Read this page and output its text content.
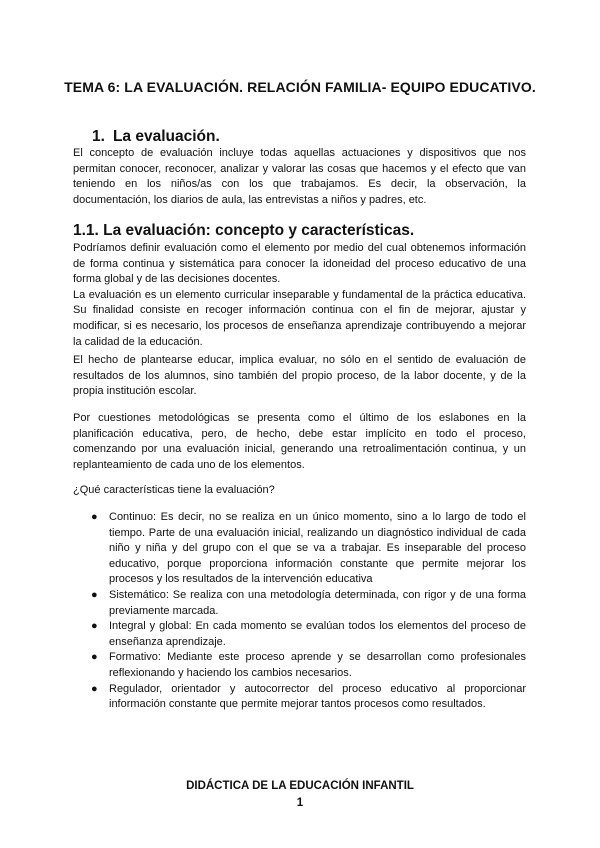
TEMA 6: LA EVALUACIÓN. RELACIÓN FAMILIA- EQUIPO EDUCATIVO.
1. La evaluación.

El concepto de evaluación incluye todas aquellas actuaciones y dispositivos que nos permitan conocer, reconocer, analizar y valorar las cosas que hacemos y el efecto que van teniendo en los niños/as con los que trabajamos. Es decir, la observación, la documentación, los diarios de aula, las entrevistas a niños y padres, etc.

1.1. La evaluación: concepto y características.

Podríamos definir evaluación como el elemento por medio del cual obtenemos información de forma continua y sistemática para conocer la idoneidad del proceso educativo de una forma global y de las decisiones docentes.
La evaluación es un elemento curricular inseparable y fundamental de la práctica educativa. Su finalidad consiste en recoger información continua con el fin de mejorar, ajustar y modificar, si es necesario, los procesos de enseñanza aprendizaje contribuyendo a mejorar la calidad de la educación.

El hecho de plantearse educar, implica evaluar, no sólo en el sentido de evaluación de resultados de los alumnos, sino también del propio proceso, de la labor docente, y de la propia institución escolar.

Por cuestiones metodológicas se presenta como el último de los eslabones en la planificación educativa, pero, de hecho, debe estar implícito en todo el proceso, comenzando por una evaluación inicial, generando una retroalimentación continua, y un replanteamiento de cada uno de los elementos.

¿Qué características tiene la evaluación?

● Continuo: Es decir, no se realiza en un único momento, sino a lo largo de todo el tiempo. Parte de una evaluación inicial, realizando un diagnóstico individual de cada niño y niña y del grupo con el que se va a trabajar. Es inseparable del proceso educativo, porque proporciona información constante que permite mejorar los procesos y los resultados de la intervención educativa
● Sistemático: Se realiza con una metodología determinada, con rigor y de una forma previamente marcada.
● Integral y global: En cada momento se evalúan todos los elementos del proceso de enseñanza aprendizaje.
● Formativo: Mediante este proceso aprende y se desarrollan como profesionales reflexionando y haciendo los cambios necesarios.
● Regulador, orientador y autocorrector del proceso educativo al proporcionar información constante que permite mejorar tantos procesos como resultados.
DIDÁCTICA DE LA EDUCACIÓN INFANTIL
1
